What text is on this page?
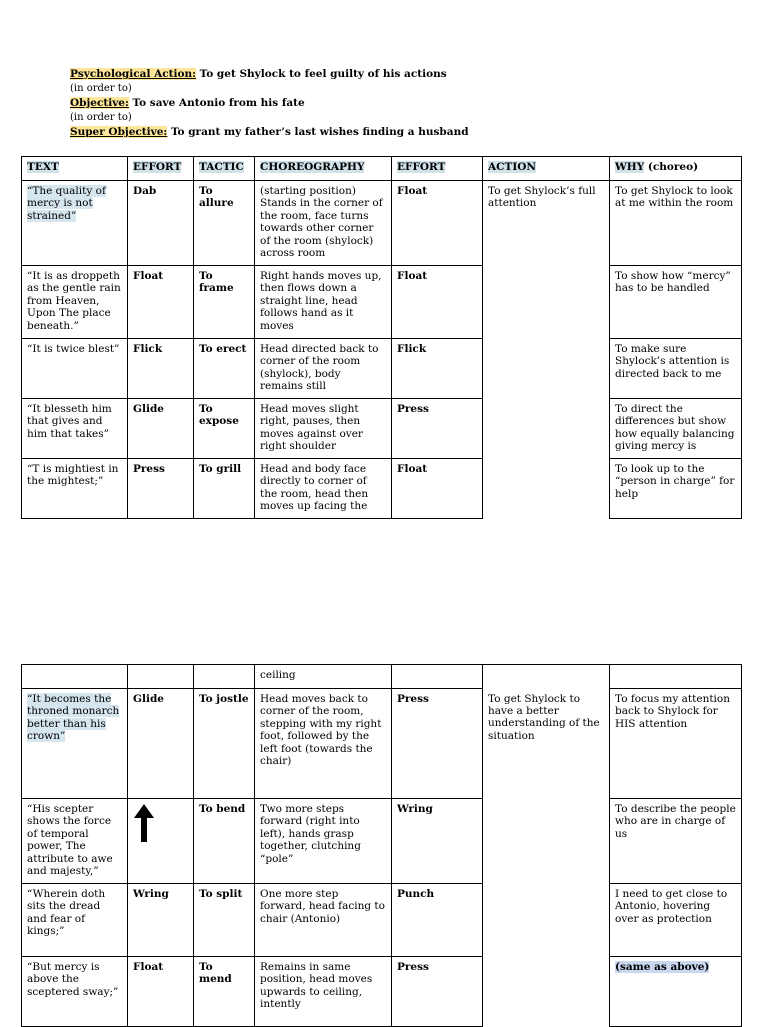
Psychological Action: To get Shylock to feel guilty of his actions
(in order to)
Objective: To save Antonio from his fate
(in order to)
Super Objective: To grant my father’s last wishes finding a husband
TEXT	EFFORT	TACTIC	CHOREOGRAPHY	EFFORT	ACTION	WHY (choreo)
“The quality of mercy is not strained”	Dab	To allure	(starting position) Stands in the corner of the room, face turns towards other corner of the room (shylock) across room	Float	To get Shylock’s full attention	To get Shylock to look at me within the room
“It is as droppeth as the gentle rain from Heaven, Upon The place beneath.”	Float	To frame	Right hands moves up, then flows down a straight line, head follows hand as it moves	Float		To show how “mercy” has to be handled
“It is twice blest”	Flick	To erect	Head directed back to corner of the room (shylock), body remains still	Flick		To make sure Shylock’s attention is directed back to me
“It blesseth him that gives and him that takes”	Glide	To expose	Head moves slight right, pauses, then moves against over right shoulder	Press		To direct the differences but show how equally balancing giving mercy is
“T is mightiest in the mightest;”	Press	To grill	Head and body face directly to corner of the room, head then moves up facing the	Float		To look up to the “person in charge” for help
			ceiling			
“It becomes the throned monarch better than his crown”	Glide	To jostle	Head moves back to corner of the room, stepping with my right foot, followed by the left foot (towards the chair)	Press	To get Shylock to have a better understanding of the situation	To focus my attention back to Shylock for HIS attention
“His scepter shows the force of temporal power, The attribute to awe and majesty,”		To bend	Two more steps forward (right into left), hands grasp together, clutching “pole”	Wring		To describe the people who are in charge of us
“Wherein doth sits the dread and fear of kings;”	Wring	To split	One more step forward, head facing to chair (Antonio)	Punch		I need to get close to Antonio, hovering over as protection
“But mercy is above the sceptered sway;”	Float	To mend	Remains in same position, head moves upwards to ceiling, intently	Press		(same as above)
